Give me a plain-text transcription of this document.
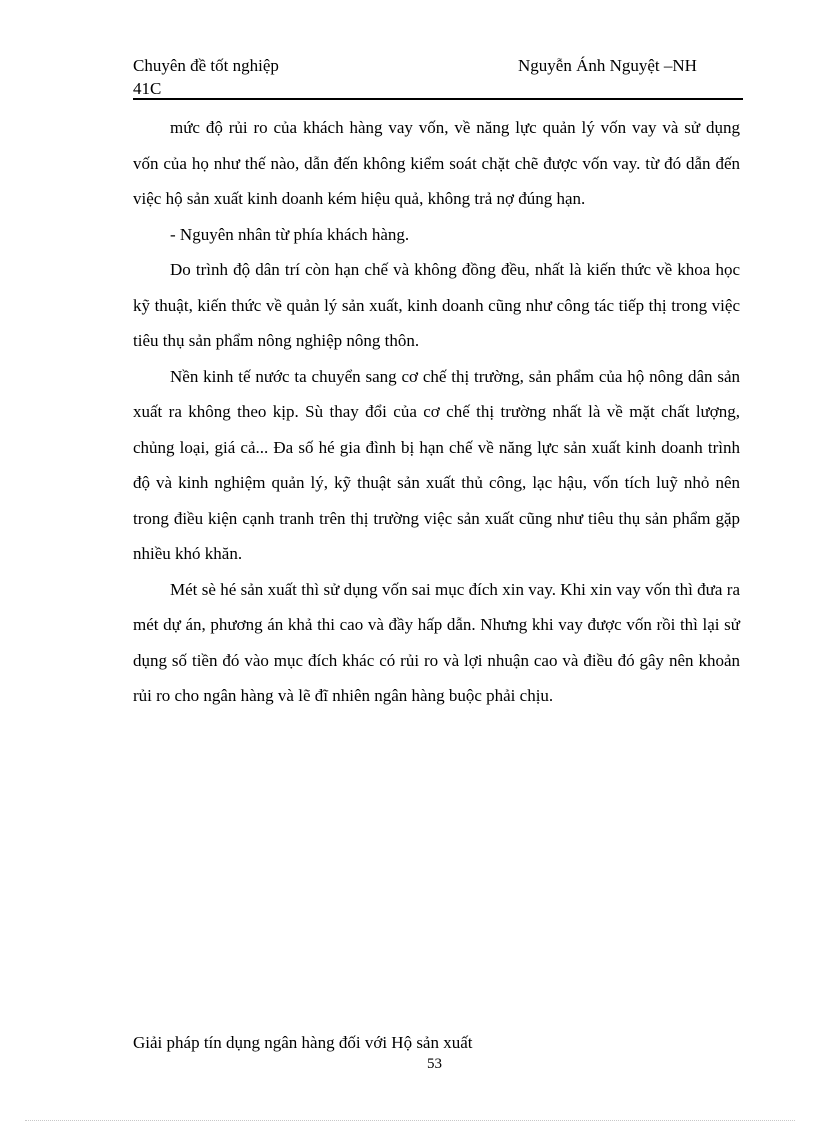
Chuyên đề tốt nghiệp
41C
Nguyễn Ánh Nguyệt –NH

mức độ rủi ro của khách hàng vay vốn, về năng lực quản lý vốn vay và sử dụng vốn của họ như thế nào, dẫn đến không kiểm soát chặt chẽ được vốn vay. từ đó dẫn đến việc hộ sản xuất kinh doanh kém hiệu quả, không trả nợ đúng hạn.

- Nguyên nhân từ phía khách hàng.

Do trình độ dân trí còn hạn chế và không đồng đều, nhất là kiến thức về khoa học kỹ thuật, kiến thức về quản lý sản xuất, kinh doanh cũng như công tác tiếp thị trong việc tiêu thụ sản phẩm nông nghiệp nông thôn.

Nền kinh tế nước ta chuyển sang cơ chế thị trường, sản phẩm của hộ nông dân sản xuất ra không theo kịp. Sù thay đổi của cơ chế thị trường nhất là về mặt chất lượng, chủng loại, giá cả... Đa số hé gia đình bị hạn chế về năng lực sản xuất kinh doanh trình độ và kinh nghiệm quản lý, kỹ thuật sản xuất thủ công, lạc hậu, vốn tích luỹ nhỏ nên trong điều kiện cạnh tranh trên thị trường việc sản xuất cũng như tiêu thụ sản phẩm gặp nhiều khó khăn.

Mét sè hé sản xuất thì sử dụng vốn sai mục đích xin vay. Khi xin vay vốn thì đưa ra mét dự án, phương án khả thi cao và đầy hấp dẫn. Nhưng khi vay được vốn rồi thì lại sử dụng số tiền đó vào mục đích khác có rủi ro và lợi nhuận cao và điều đó gây nên khoản rủi ro cho ngân hàng và lẽ đĩ nhiên ngân hàng buộc phải chịu.

Giải pháp tín dụng ngân hàng đối với Hộ sản xuất
53
